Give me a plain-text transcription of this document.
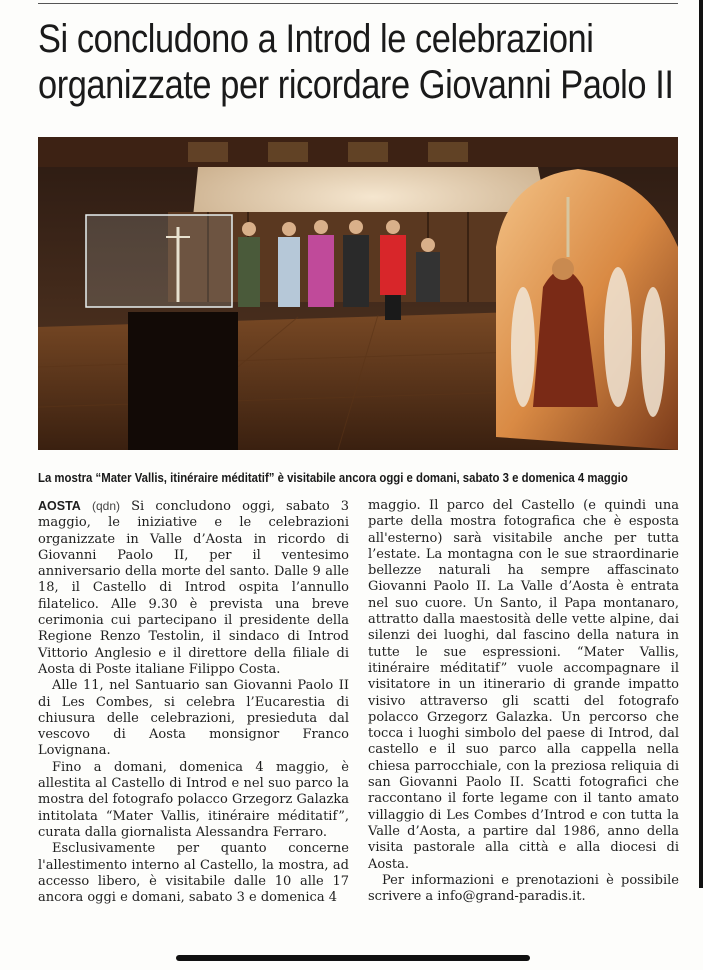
Si concludono a Introd le celebrazioni
organizzate per ricordare Giovanni Paolo II

La mostra “Mater Vallis, itinéraire méditatif” è visitabile ancora oggi e domani, sabato 3 e domenica 4 maggio

AOSTA (qdn) Si concludono oggi, sabato 3 maggio, le iniziative e le celebrazioni organizzate in Valle d’Aosta in ricordo di Giovanni Paolo II, per il ventesimo anniversario della morte del santo. Dalle 9 alle 18, il Castello di Introd ospita l’annullo filatelico. Alle 9.30 è prevista una breve cerimonia cui partecipano il presidente della Regione Renzo Testolin, il sindaco di Introd Vittorio Anglesio e il direttore della filiale di Aosta di Poste italiane Filippo Costa.

Alle 11, nel Santuario san Giovanni Paolo II di Les Combes, si celebra l’Eucarestia di chiusura delle celebrazioni, presieduta dal vescovo di Aosta monsignor Franco Lovignana.

Fino a domani, domenica 4 maggio, è allestita al Castello di Introd e nel suo parco la mostra del fotografo polacco Grzegorz Galazka intitolata “Mater Vallis, itinéraire méditatif”, curata dalla giornalista Alessandra Ferraro.

Esclusivamente per quanto concerne l'allestimento interno al Castello, la mostra, ad accesso libero, è visitabile dalle 10 alle 17 ancora oggi e domani, sabato 3 e domenica 4

maggio. Il parco del Castello (e quindi una parte della mostra fotografica che è esposta all'esterno) sarà visitabile anche per tutta l’estate. La montagna con le sue straordinarie bellezze naturali ha sempre affascinato Giovanni Paolo II. La Valle d’Aosta è entrata nel suo cuore. Un Santo, il Papa montanaro, attratto dalla maestosità delle vette alpine, dai silenzi dei luoghi, dal fascino della natura in tutte le sue espressioni. “Mater Vallis, itinéraire méditatif” vuole accompagnare il visitatore in un itinerario di grande impatto visivo attraverso gli scatti del fotografo polacco Grzegorz Galazka. Un percorso che tocca i luoghi simbolo del paese di Introd, dal castello e il suo parco alla cappella nella chiesa parrocchiale, con la preziosa reliquia di san Giovanni Paolo II. Scatti fotografici che raccontano il forte legame con il tanto amato villaggio di Les Combes d’Introd e con tutta la Valle d’Aosta, a partire dal 1986, anno della visita pastorale alla città e alla diocesi di Aosta.

Per informazioni e prenotazioni è possibile scrivere a info@grand-paradis.it.
